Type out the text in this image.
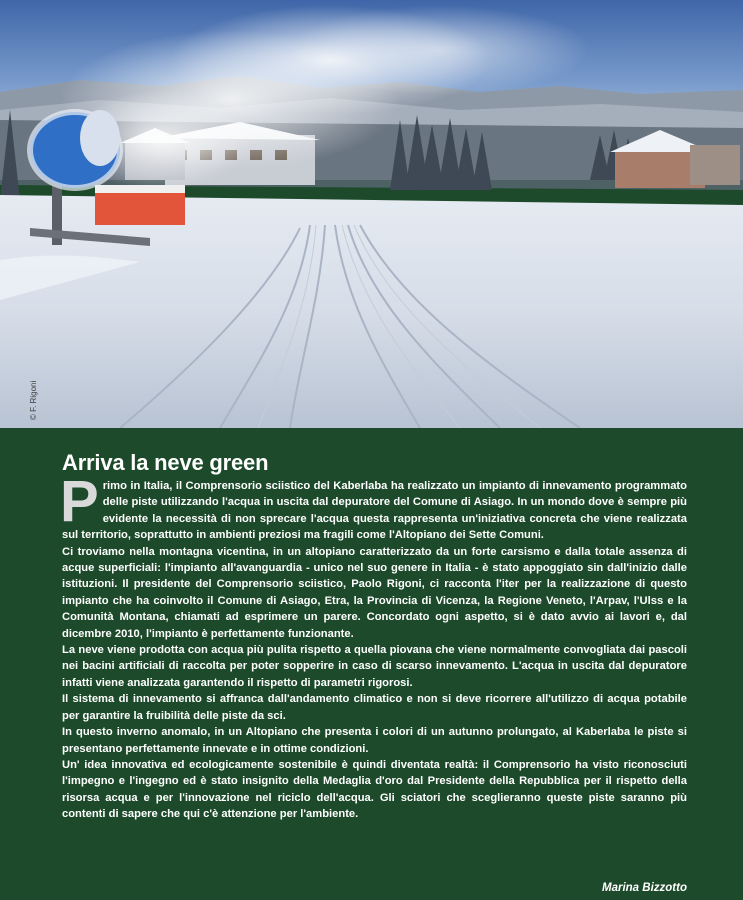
© F. Rigoni
Arriva la neve green

Primo in Italia, il Comprensorio sciistico del Kaberlaba ha realizzato un impianto di innevamento programmato delle piste utilizzando l'acqua in uscita dal depuratore del Comune di Asiago. In un mondo dove è sempre più evidente la necessità di non sprecare l'acqua questa rappresenta un'iniziativa concreta che viene realizzata sul territorio, soprattutto in ambienti preziosi ma fragili come l'Altopiano dei Sette Comuni.

Ci troviamo nella montagna vicentina, in un altopiano caratterizzato da un forte carsismo e dalla totale assenza di acque superficiali: l'impianto all'avanguardia - unico nel suo genere in Italia - è stato appoggiato sin dall'inizio dalle istituzioni. Il presidente del Comprensorio sciistico, Paolo Rigoni, ci racconta l'iter per la realizzazione di questo impianto che ha coinvolto il Comune di Asiago, Etra, la Provincia di Vicenza, la Regione Veneto, l'Arpav, l'Ulss e la Comunità Montana, chiamati ad esprimere un parere. Concordato ogni aspetto, si è dato avvio ai lavori e, dal dicembre 2010, l'impianto è perfettamente funzionante.

La neve viene prodotta con acqua più pulita rispetto a quella piovana che viene normalmente convogliata dai pascoli nei bacini artificiali di raccolta per poter sopperire in caso di scarso innevamento. L'acqua in uscita dal depuratore infatti viene analizzata garantendo il rispetto di parametri rigorosi.

Il sistema di innevamento si affranca dall'andamento climatico e non si deve ricorrere all'utilizzo di acqua potabile per garantire la fruibilità delle piste da sci.

In questo inverno anomalo, in un Altopiano che presenta i colori di un autunno prolungato, al Kaberlaba le piste si presentano perfettamente innevate e in ottime condizioni.

Un' idea innovativa ed ecologicamente sostenibile è quindi diventata realtà: il Comprensorio ha visto riconosciuti l'impegno e l'ingegno ed è stato insignito della Medaglia d'oro dal Presidente della Repubblica per il rispetto della risorsa acqua e per l'innovazione nel riciclo dell'acqua. Gli sciatori che sceglieranno queste piste saranno più contenti di sapere che qui c'è attenzione per l'ambiente.

Marina Bizzotto
